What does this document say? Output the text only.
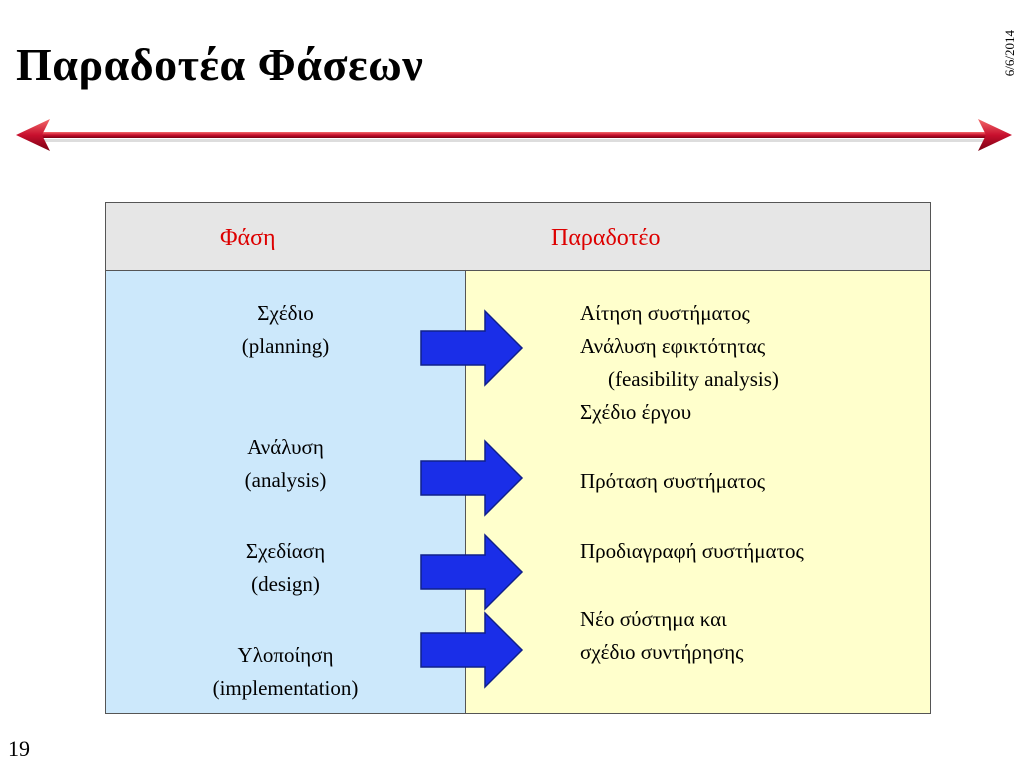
Παραδοτέα Φάσεων	6/6/2014
Φάση	Παραδοτέο
Σχέδιο
(planning)
Ανάλυση
(analysis)
Σχεδίαση
(design)
Υλοποίηση
(implementation)
Αίτηση συστήματος
Ανάλυση εφικτότητας
(feasibility analysis)
Σχέδιο έργου
Πρόταση συστήματος
Προδιαγραφή συστήματος
Νέο σύστημα και
σχέδιο συντήρησης
19
